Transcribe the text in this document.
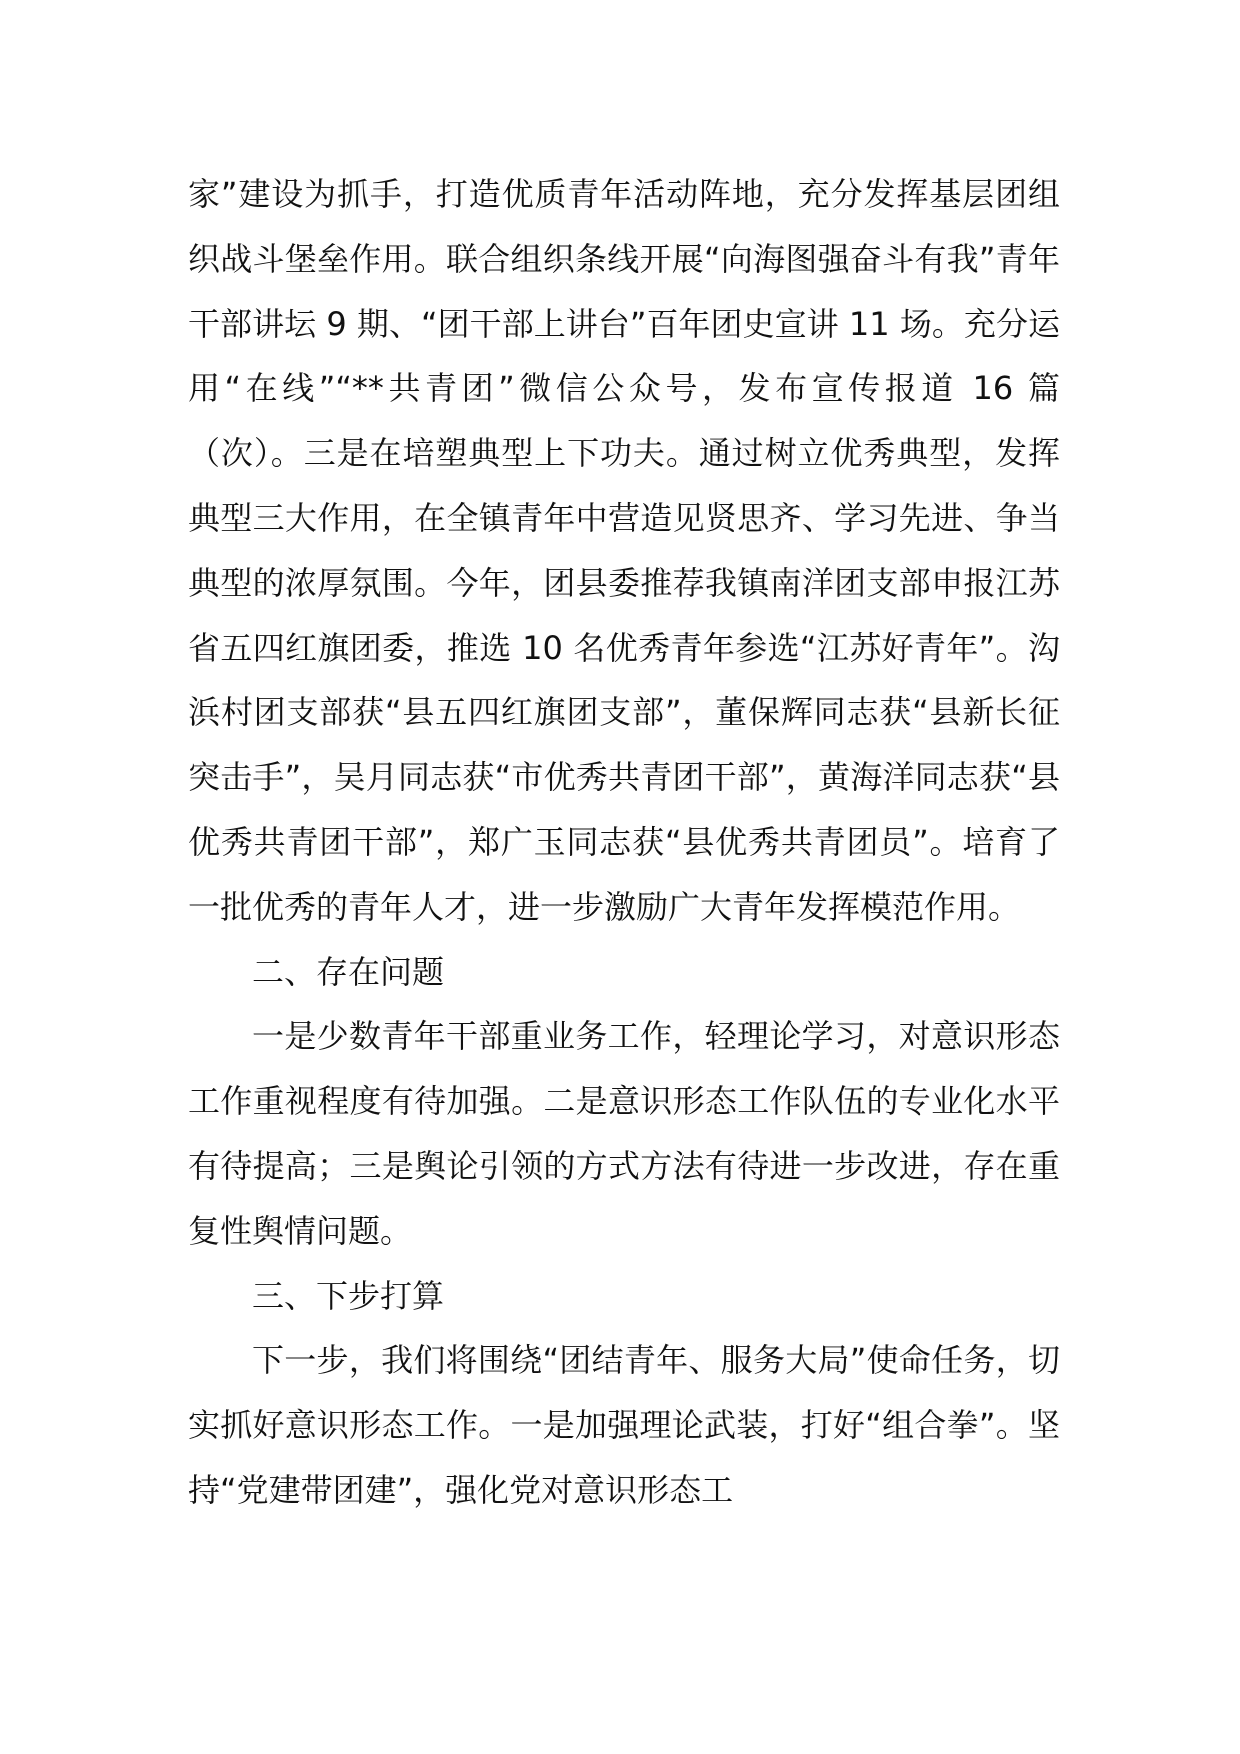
家”建设为抓手，打造优质青年活动阵地，充分发挥基层团组织战斗堡垒作用。联合组织条线开展“向海图强奋斗有我”青年干部讲坛 9 期、“团干部上讲台”百年团史宣讲 11 场。充分运用“在线”“**共青团”微信公众号，发布宣传报道 16 篇（次）。三是在培塑典型上下功夫。通过树立优秀典型，发挥典型三大作用，在全镇青年中营造见贤思齐、学习先进、争当典型的浓厚氛围。今年，团县委推荐我镇南洋团支部申报江苏省五四红旗团委，推选 10 名优秀青年参选“江苏好青年”。沟浜村团支部获“县五四红旗团支部”，董保辉同志获“县新长征突击手”，吴月同志获“市优秀共青团干部”，黄海洋同志获“县优秀共青团干部”，郑广玉同志获“县优秀共青团员”。培育了一批优秀的青年人才，进一步激励广大青年发挥模范作用。

二、存在问题

一是少数青年干部重业务工作，轻理论学习，对意识形态工作重视程度有待加强。二是意识形态工作队伍的专业化水平有待提高；三是舆论引领的方式方法有待进一步改进，存在重复性舆情问题。

三、下步打算

下一步，我们将围绕“团结青年、服务大局”使命任务，切实抓好意识形态工作。一是加强理论武装，打好“组合拳”。坚持“党建带团建”，强化党对意识形态工
